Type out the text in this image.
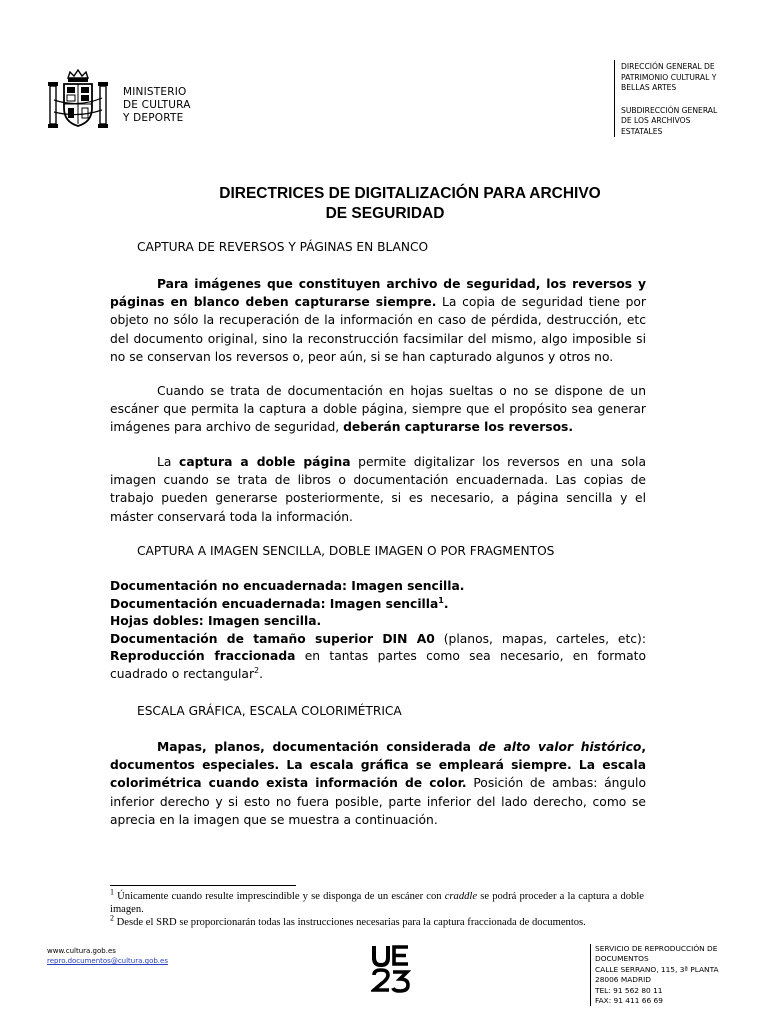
MINISTERIO
DE CULTURA
Y DEPORTE
DIRECCIÓN GENERAL DE
PATRIMONIO CULTURAL Y
BELLAS ARTES
SUBDIRECCIÓN GENERAL
DE LOS ARCHIVOS
ESTATALES
DIRECTRICES DE DIGITALIZACIÓN PARA ARCHIVO
DE SEGURIDAD
CAPTURA DE REVERSOS Y PÁGINAS EN BLANCO

Para imágenes que constituyen archivo de seguridad, los reversos y páginas en blanco deben capturarse siempre. La copia de seguridad tiene por objeto no sólo la recuperación de la información en caso de pérdida, destrucción, etc del documento original, sino la reconstrucción facsimilar del mismo, algo imposible si no se conservan los reversos o, peor aún, si se han capturado algunos y otros no.

Cuando se trata de documentación en hojas sueltas o no se dispone de un escáner que permita la captura a doble página, siempre que el propósito sea generar imágenes para archivo de seguridad, deberán capturarse los reversos.

La captura a doble página permite digitalizar los reversos en una sola imagen cuando se trata de libros o documentación encuadernada. Las copias de trabajo pueden generarse posteriormente, si es necesario, a página sencilla y el máster conservará toda la información.

CAPTURA A IMAGEN SENCILLA, DOBLE IMAGEN O POR FRAGMENTOS
Documentación no encuadernada: Imagen sencilla.
Documentación encuadernada: Imagen sencilla$^1$.
Hojas dobles: Imagen sencilla.
Documentación de tamaño superior DIN A0 (planos, mapas, carteles, etc): Reproducción fraccionada en tantas partes como sea necesario, en formato cuadrado o rectangular$^2$.
ESCALA GRÁFICA, ESCALA COLORIMÉTRICA

Mapas, planos, documentación considerada de alto valor histórico, documentos especiales. La escala gráfica se empleará siempre. La escala colorimétrica cuando exista información de color. Posición de ambas: ángulo inferior derecho y si esto no fuera posible, parte inferior del lado derecho, como se aprecia en la imagen que se muestra a continuación.

$^1$ Únicamente cuando resulte imprescindible y se disponga de un escáner con craddle se podrá proceder a la captura a doble imagen.

$^2$ Desde el SRD se proporcionarán todas las instrucciones necesarias para la captura fraccionada de documentos.

www.cultura.gob.es
repro.documentos@cultura.gob.es
SERVICIO DE REPRODUCCIÓN DE
DOCUMENTOS
CALLE SERRANO, 115, 3ª PLANTA
28006 MADRID
TEL: 91 562 80 11
FAX: 91 411 66 69
